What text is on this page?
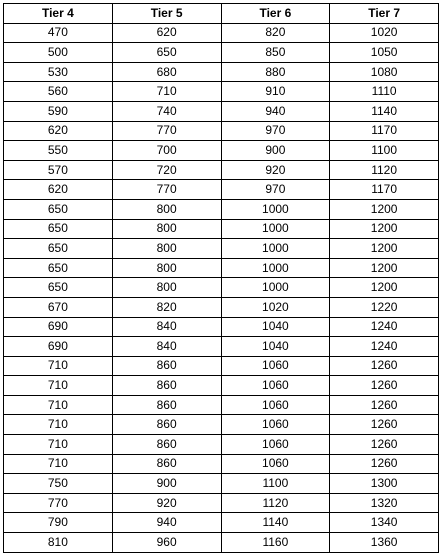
Tier 4	Tier 5	Tier 6	Tier 7
470	620	820	1020
500	650	850	1050
530	680	880	1080
560	710	910	1110
590	740	940	1140
620	770	970	1170
550	700	900	1100
570	720	920	1120
620	770	970	1170
650	800	1000	1200
650	800	1000	1200
650	800	1000	1200
650	800	1000	1200
650	800	1000	1200
670	820	1020	1220
690	840	1040	1240
690	840	1040	1240
710	860	1060	1260
710	860	1060	1260
710	860	1060	1260
710	860	1060	1260
710	860	1060	1260
710	860	1060	1260
750	900	1100	1300
770	920	1120	1320
790	940	1140	1340
810	960	1160	1360
